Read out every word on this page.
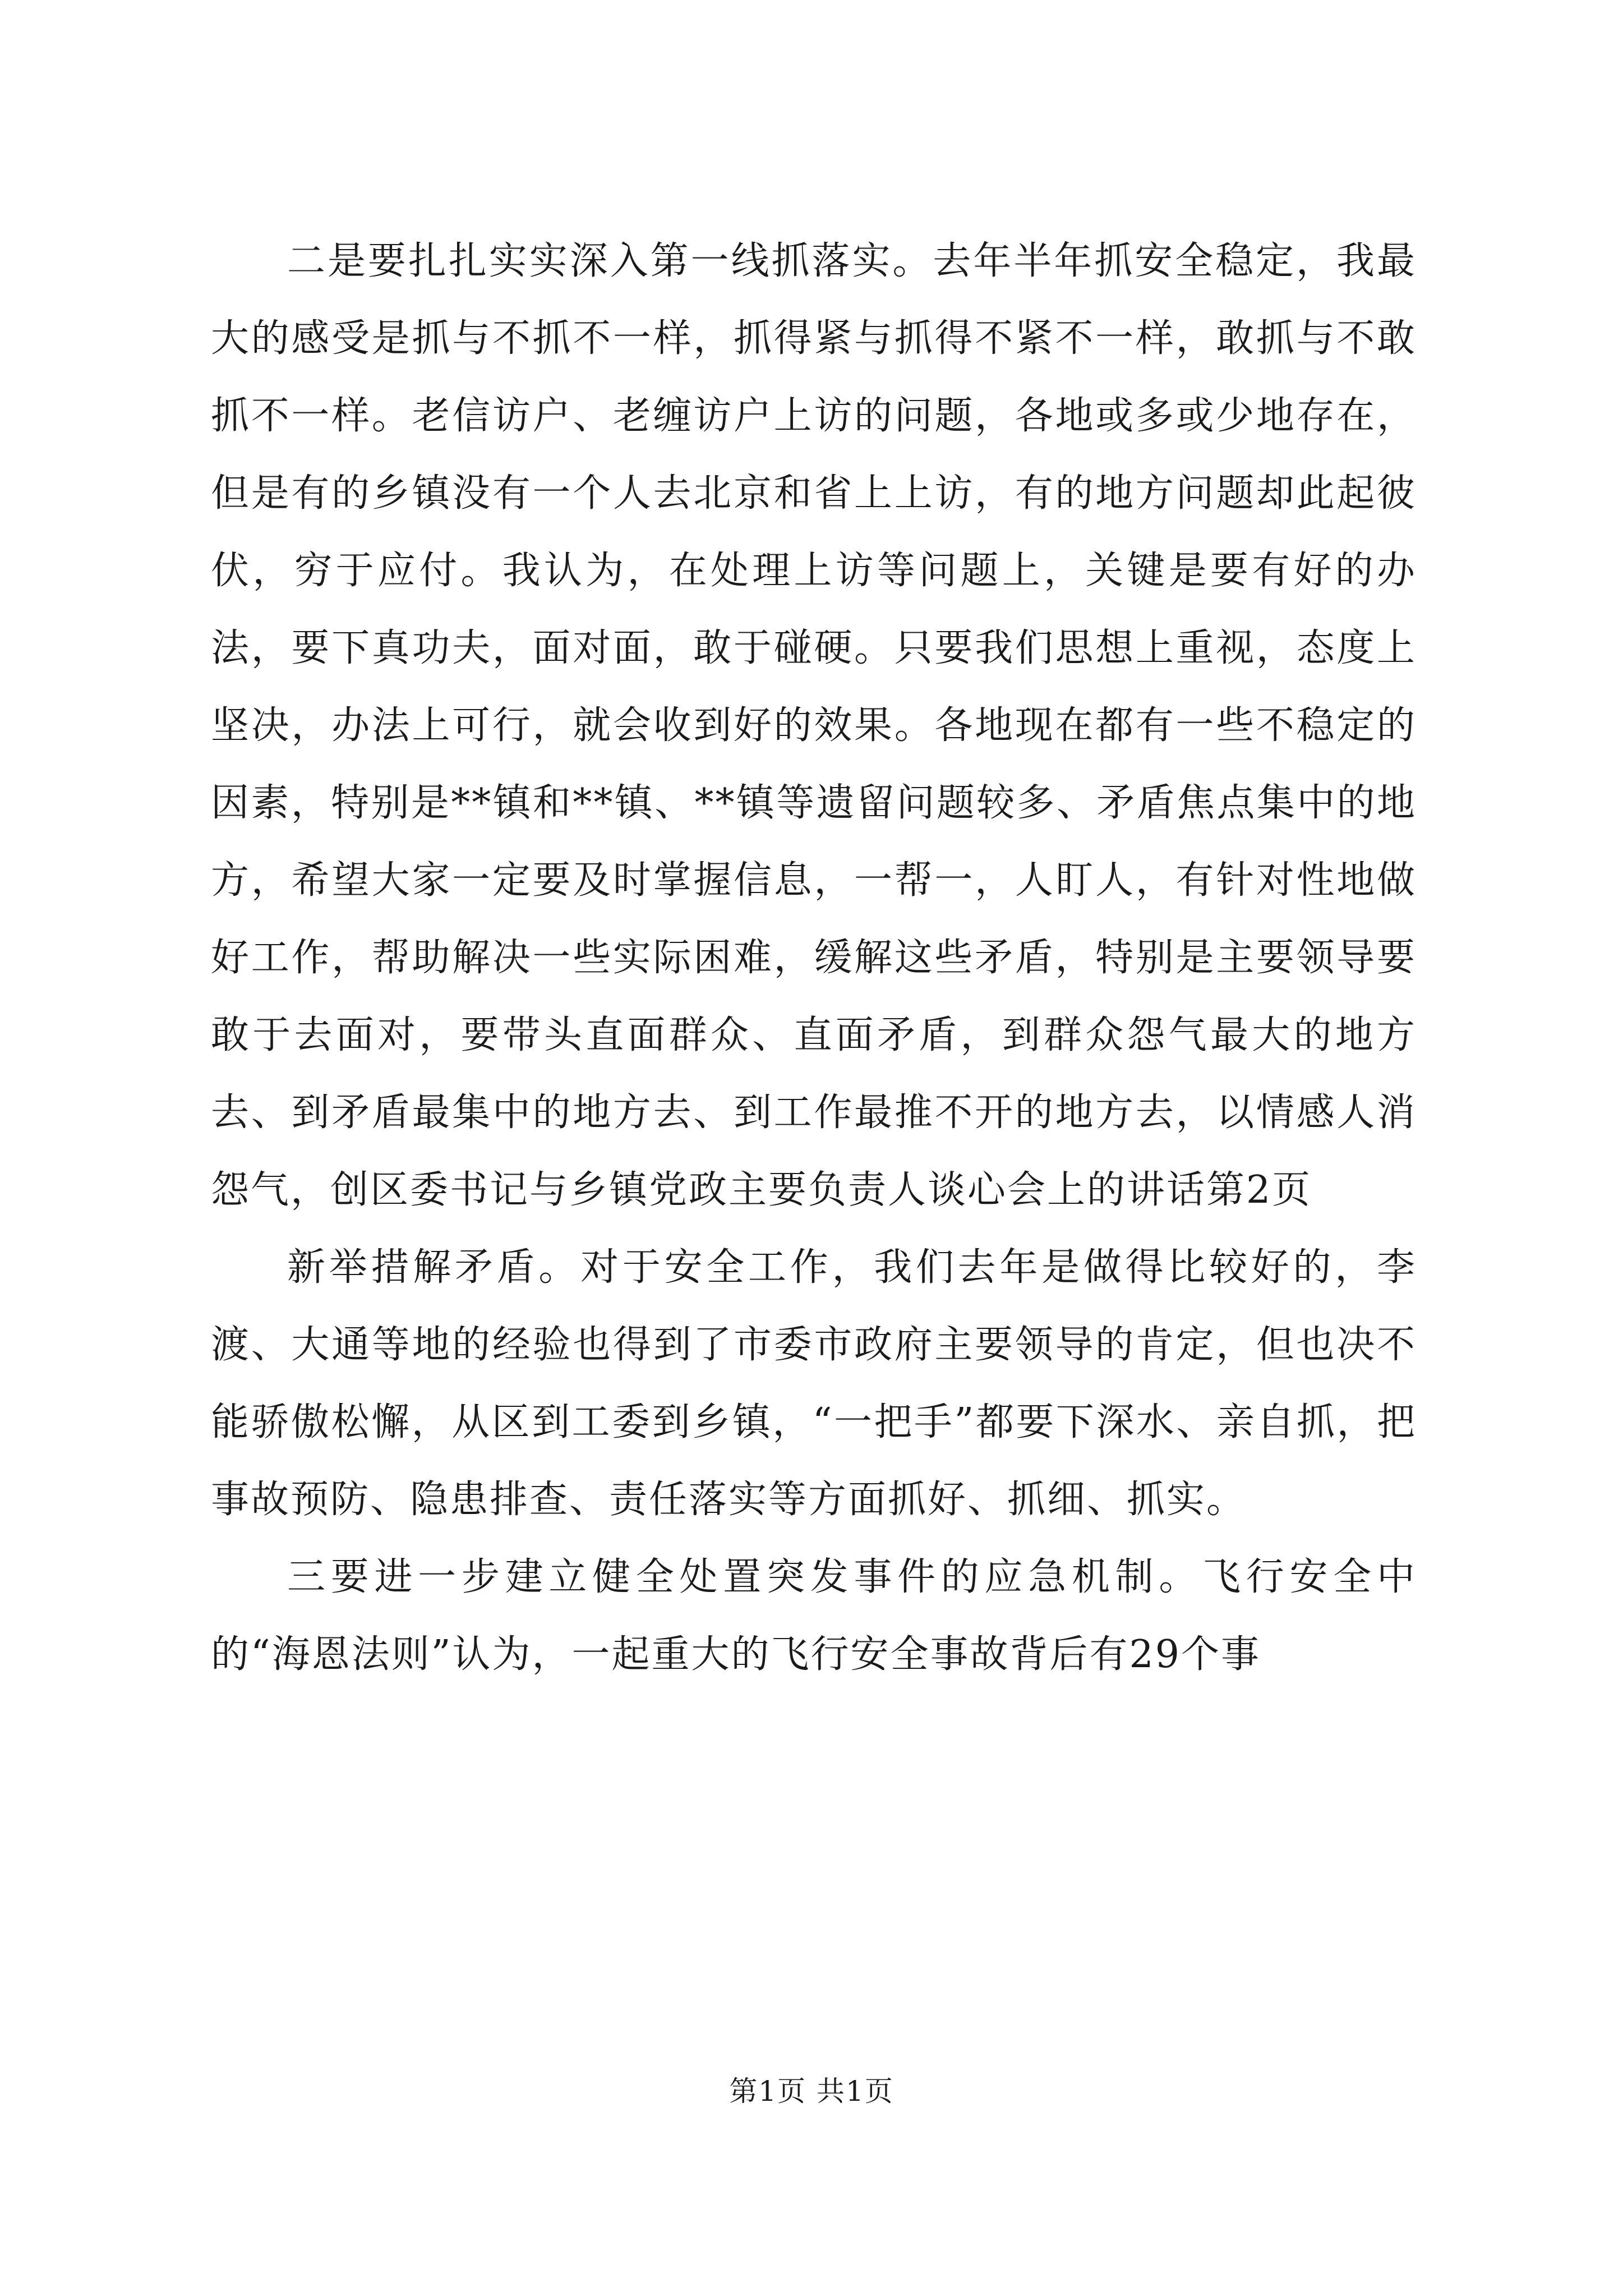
二是要扎扎实实深入第一线抓落实。去年半年抓安全稳定，我最大的感受是抓与不抓不一样，抓得紧与抓得不紧不一样，敢抓与不敢抓不一样。老信访户、老缠访户上访的问题，各地或多或少地存在，但是有的乡镇没有一个人去北京和省上上访，有的地方问题却此起彼伏，穷于应付。我认为，在处理上访等问题上，关键是要有好的办法，要下真功夫，面对面，敢于碰硬。只要我们思想上重视，态度上坚决，办法上可行，就会收到好的效果。各地现在都有一些不稳定的因素，特别是**镇和**镇、**镇等遗留问题较多、矛盾焦点集中的地方，希望大家一定要及时掌握信息，一帮一，人盯人，有针对性地做好工作，帮助解决一些实际困难，缓解这些矛盾，特别是主要领导要敢于去面对，要带头直面群众、直面矛盾，到群众怨气最大的地方去、到矛盾最集中的地方去、到工作最推不开的地方去，以情感人消怨气，创区委书记与乡镇党政主要负责人谈心会上的讲话第2页

新举措解矛盾。对于安全工作，我们去年是做得比较好的，李渡、大通等地的经验也得到了市委市政府主要领导的肯定，但也决不能骄傲松懈，从区到工委到乡镇，“一把手”都要下深水、亲自抓，把事故预防、隐患排查、责任落实等方面抓好、抓细、抓实。

三要进一步建立健全处置突发事件的应急机制。飞行安全中的“海恩法则”认为，一起重大的飞行安全事故背后有29个事

第1页 共1页
